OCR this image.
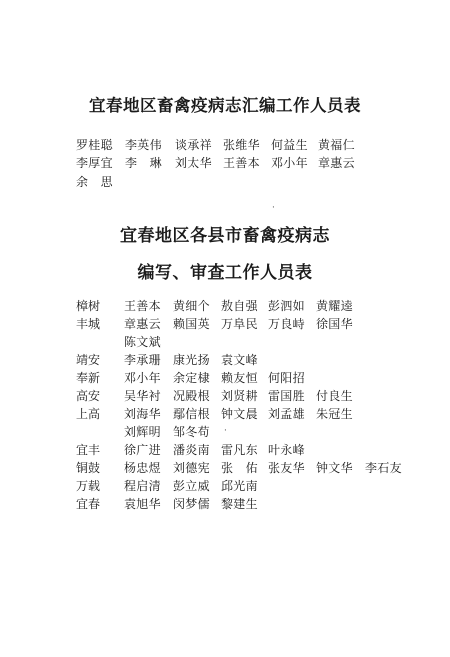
宜春地区畜禽疫病志汇编工作人员表
罗桂聪 李英伟 谈承祥 张维华 何益生 黄福仁
李厚宜 李　琳 刘太华 王善本 邓小年 章惠云
余　思
·
宜春地区各县市畜禽疫病志
编写、审查工作人员表
樟树 王善本 黄细个 敖自强 彭泗如 黄耀逵
丰城 章惠云 赖国英 万阜民 万良峙 徐国华
陈文斌
靖安 李承珊 康光扬 袁文峰
奉新 邓小年 余定棣 赖友恒 何阳招
高安 吴华衬 况殿根 刘贤耕 雷国胜 付良生
上高 刘海华 鄢信根 钟文晨 刘孟雄 朱冠生
刘辉明 邹冬苟 ·
宜丰 徐广进 潘炎南 雷凡东 叶永峰
铜鼓 杨忠煜 刘德宪 张　佑 张友华 钟文华 李石友
万载 程启清 彭立威 邱光南
宜春 袁旭华 闵梦儒 黎建生
